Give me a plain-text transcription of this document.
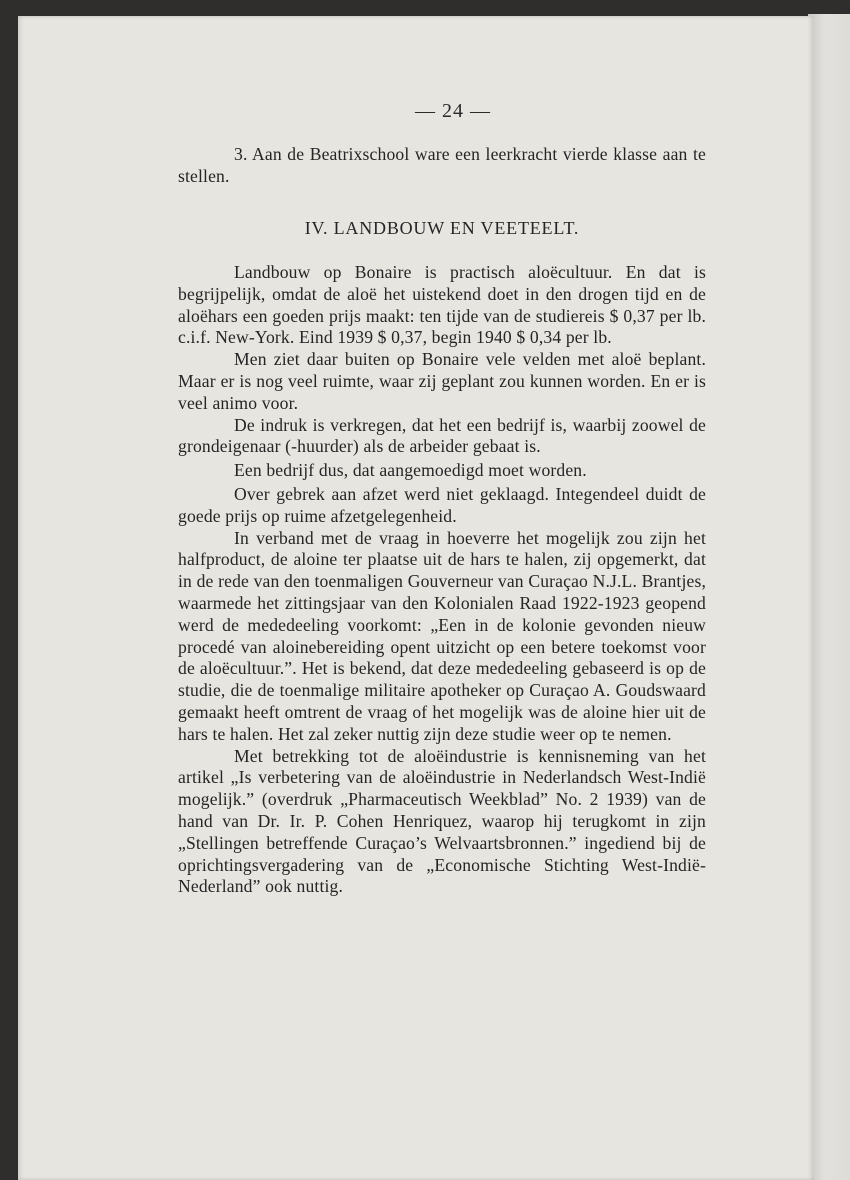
— 24 —

3. Aan de Beatrixschool ware een leerkracht vierde klasse aan te stellen.

IV. LANDBOUW EN VEETEELT.

Landbouw op Bonaire is practisch aloëcultuur. En dat is begrijpelijk, omdat de aloë het uistekend doet in den drogen tijd en de aloëhars een goeden prijs maakt: ten tijde van de studiereis $ 0,37 per lb. c.i.f. New-York. Eind 1939 $ 0,37, begin 1940 $ 0,34 per lb.

Men ziet daar buiten op Bonaire vele velden met aloë beplant. Maar er is nog veel ruimte, waar zij geplant zou kunnen worden. En er is veel animo voor.

De indruk is verkregen, dat het een bedrijf is, waarbij zoowel de grondeigenaar (-huurder) als de arbeider gebaat is.

Een bedrijf dus, dat aangemoedigd moet worden.

Over gebrek aan afzet werd niet geklaagd. Integendeel duidt de goede prijs op ruime afzetgelegenheid.

In verband met de vraag in hoeverre het mogelijk zou zijn het halfproduct, de aloine ter plaatse uit de hars te halen, zij opgemerkt, dat in de rede van den toenmaligen Gouverneur van Curaçao N.J.L. Brantjes, waarmede het zittingsjaar van den Kolonialen Raad 1922-1923 geopend werd de mededeeling voorkomt: „Een in de kolonie gevonden nieuw procedé van aloinebereiding opent uitzicht op een betere toekomst voor de aloëcultuur.”. Het is bekend, dat deze mededeeling gebaseerd is op de studie, die de toenmalige militaire apotheker op Curaçao A. Goudswaard gemaakt heeft omtrent de vraag of het mogelijk was de aloine hier uit de hars te halen. Het zal zeker nuttig zijn deze studie weer op te nemen.

Met betrekking tot de aloëindustrie is kennisneming van het artikel „Is verbetering van de aloëindustrie in Nederlandsch West-Indië mogelijk.” (overdruk „Pharmaceutisch Weekblad” No. 2 1939) van de hand van Dr. Ir. P. Cohen Henriquez, waarop hij terugkomt in zijn „Stellingen betreffende Curaçao’s Welvaartsbronnen.” ingediend bij de oprichtingsvergadering van de „Economische Stichting West-Indië-Nederland” ook nuttig.
